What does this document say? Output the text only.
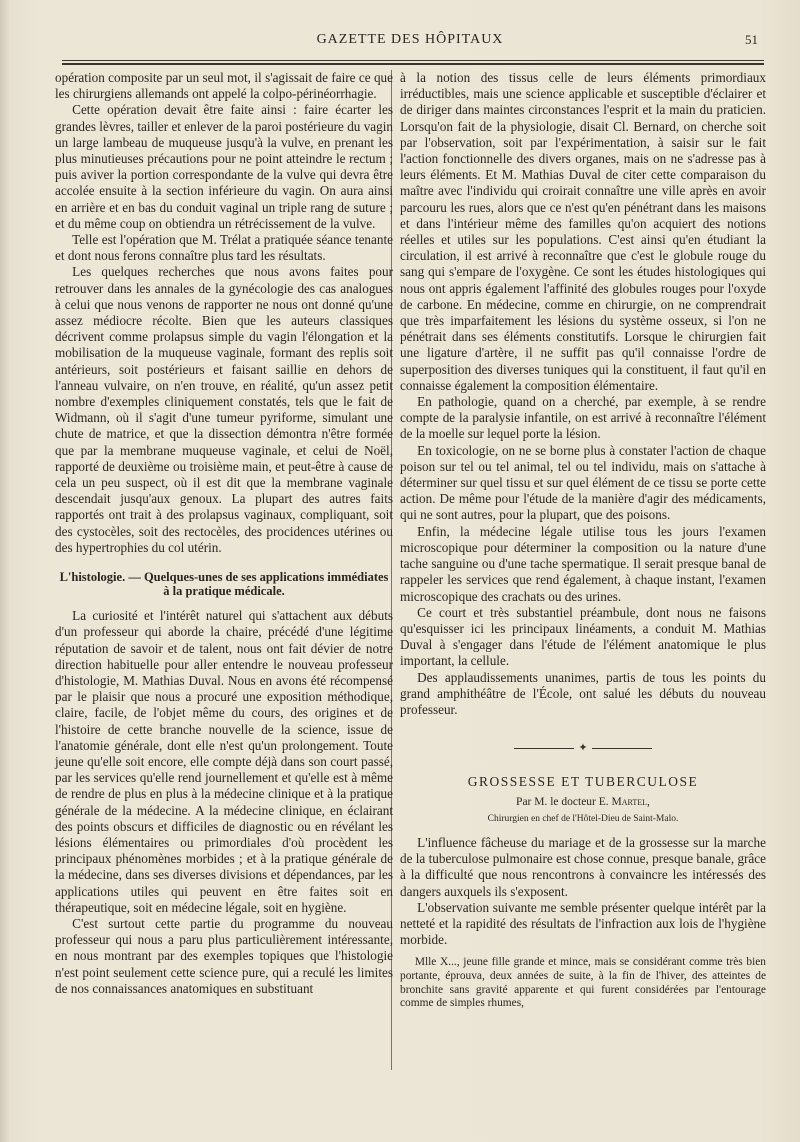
GAZETTE DES HÔPITAUX	51

opération composite par un seul mot, il s'agissait de faire ce que les chirurgiens allemands ont appelé la colpo-périnéorrhagie.

Cette opération devait être faite ainsi : faire écarter les grandes lèvres, tailler et enlever de la paroi postérieure du vagin un large lambeau de muqueuse jusqu'à la vulve, en prenant les plus minutieuses précautions pour ne point atteindre le rectum ; puis aviver la portion correspondante de la vulve qui devra être accolée ensuite à la section inférieure du vagin. On aura ainsi en arrière et en bas du conduit vaginal un triple rang de suture ; et du même coup on obtiendra un rétrécissement de la vulve.

Telle est l'opération que M. Trélat a pratiquée séance tenante et dont nous ferons connaître plus tard les résultats.

Les quelques recherches que nous avons faites pour retrouver dans les annales de la gynécologie des cas analogues à celui que nous venons de rapporter ne nous ont donné qu'une assez médiocre récolte. Bien que les auteurs classiques décrivent comme prolapsus simple du vagin l'élongation et la mobilisation de la muqueuse vaginale, formant des replis soit antérieurs, soit postérieurs et faisant saillie en dehors de l'anneau vulvaire, on n'en trouve, en réalité, qu'un assez petit nombre d'exemples cliniquement constatés, tels que le fait de Widmann, où il s'agit d'une tumeur pyriforme, simulant une chute de matrice, et que la dissection démontra n'être formée que par la membrane muqueuse vaginale, et celui de Noël, rapporté de deuxième ou troisième main, et peut-être à cause de cela un peu suspect, où il est dit que la membrane vaginale descendait jusqu'aux genoux. La plupart des autres faits rapportés ont trait à des prolapsus vaginaux, compliquant, soit des cystocèles, soit des rectocèles, des procidences utérines ou des hypertrophies du col utérin.

L'histologie. — Quelques-unes de ses applications immédiates à la pratique médicale.

La curiosité et l'intérêt naturel qui s'attachent aux débuts d'un professeur qui aborde la chaire, précédé d'une légitime réputation de savoir et de talent, nous ont fait dévier de notre direction habituelle pour aller entendre le nouveau professeur d'histologie, M. Mathias Duval. Nous en avons été récompensé par le plaisir que nous a procuré une exposition méthodique, claire, facile, de l'objet même du cours, des origines et de l'histoire de cette branche nouvelle de la science, issue de l'anatomie générale, dont elle n'est qu'un prolongement. Toute jeune qu'elle soit encore, elle compte déjà dans son court passé, par les services qu'elle rend journellement et qu'elle est à même de rendre de plus en plus à la médecine clinique et à la pratique générale de la médecine. A la médecine clinique, en éclairant des points obscurs et difficiles de diagnostic ou en révélant les lésions élémentaires ou primordiales d'où procèdent les principaux phénomènes morbides ; et à la pratique générale de la médecine, dans ses diverses divisions et dépendances, par les applications utiles qui peuvent en être faites soit en thérapeutique, soit en médecine légale, soit en hygiène.

C'est surtout cette partie du programme du nouveau professeur qui nous a paru plus particulièrement intéressante, en nous montrant par des exemples topiques que l'histologie n'est point seulement cette science pure, qui a reculé les limites de nos connaissances anatomiques en substituant

à la notion des tissus celle de leurs éléments primordiaux irréductibles, mais une science applicable et susceptible d'éclairer et de diriger dans maintes circonstances l'esprit et la main du praticien. Lorsqu'on fait de la physiologie, disait Cl. Bernard, on cherche soit par l'observation, soit par l'expérimentation, à saisir sur le fait l'action fonctionnelle des divers organes, mais on ne s'adresse pas à leurs éléments. Et M. Mathias Duval de citer cette comparaison du maître avec l'individu qui croirait connaître une ville après en avoir parcouru les rues, alors que ce n'est qu'en pénétrant dans les maisons et dans l'intérieur même des familles qu'on acquiert des notions réelles et utiles sur les populations. C'est ainsi qu'en étudiant la circulation, il est arrivé à reconnaître que c'est le globule rouge du sang qui s'empare de l'oxygène. Ce sont les études histologiques qui nous ont appris également l'affinité des globules rouges pour l'oxyde de carbone. En médecine, comme en chirurgie, on ne comprendrait que très imparfaitement les lésions du système osseux, si l'on ne pénétrait dans ses éléments constitutifs. Lorsque le chirurgien fait une ligature d'artère, il ne suffit pas qu'il connaisse l'ordre de superposition des diverses tuniques qui la constituent, il faut qu'il en connaisse également la composition élémentaire.

En pathologie, quand on a cherché, par exemple, à se rendre compte de la paralysie infantile, on est arrivé à reconnaître l'élément de la moelle sur lequel porte la lésion.

En toxicologie, on ne se borne plus à constater l'action de chaque poison sur tel ou tel animal, tel ou tel individu, mais on s'attache à déterminer sur quel tissu et sur quel élément de ce tissu se porte cette action. De même pour l'étude de la manière d'agir des médicaments, qui ne sont autres, pour la plupart, que des poisons.

Enfin, la médecine légale utilise tous les jours l'examen microscopique pour déterminer la composition ou la nature d'une tache sanguine ou d'une tache spermatique. Il serait presque banal de rappeler les services que rend également, à chaque instant, l'examen microscopique des crachats ou des urines.

Ce court et très substantiel préambule, dont nous ne faisons qu'esquisser ici les principaux linéaments, a conduit M. Mathias Duval à s'engager dans l'étude de l'élément anatomique le plus important, la cellule.

Des applaudissements unanimes, partis de tous les points du grand amphithéâtre de l'École, ont salué les débuts du nouveau professeur.

✦
GROSSESSE ET TUBERCULOSE
Par M. le docteur E. Martel,
Chirurgien en chef de l'Hôtel-Dieu de Saint-Malo.

L'influence fâcheuse du mariage et de la grossesse sur la marche de la tuberculose pulmonaire est chose connue, presque banale, grâce à la difficulté que nous rencontrons à convaincre les intéressés des dangers auxquels ils s'exposent.

L'observation suivante me semble présenter quelque intérêt par la netteté et la rapidité des résultats de l'infraction aux lois de l'hygiène morbide.

Mlle X..., jeune fille grande et mince, mais se considérant comme très bien portante, éprouva, deux années de suite, à la fin de l'hiver, des atteintes de bronchite sans gravité apparente et qui furent considérées par l'entourage comme de simples rhumes,
